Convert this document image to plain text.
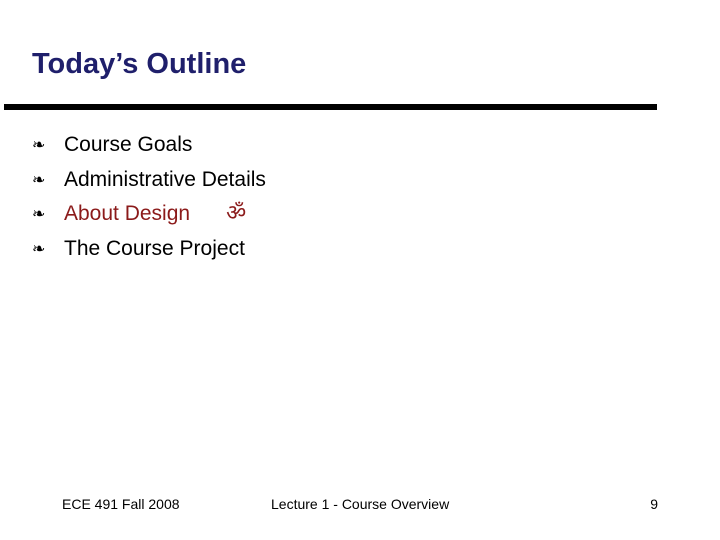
Today’s Outline
❧ Course Goals
❧ Administrative Details
❧ About Design ॐ
❧ The Course Project
ECE 491 Fall 2008	Lecture 1 - Course Overview	9
